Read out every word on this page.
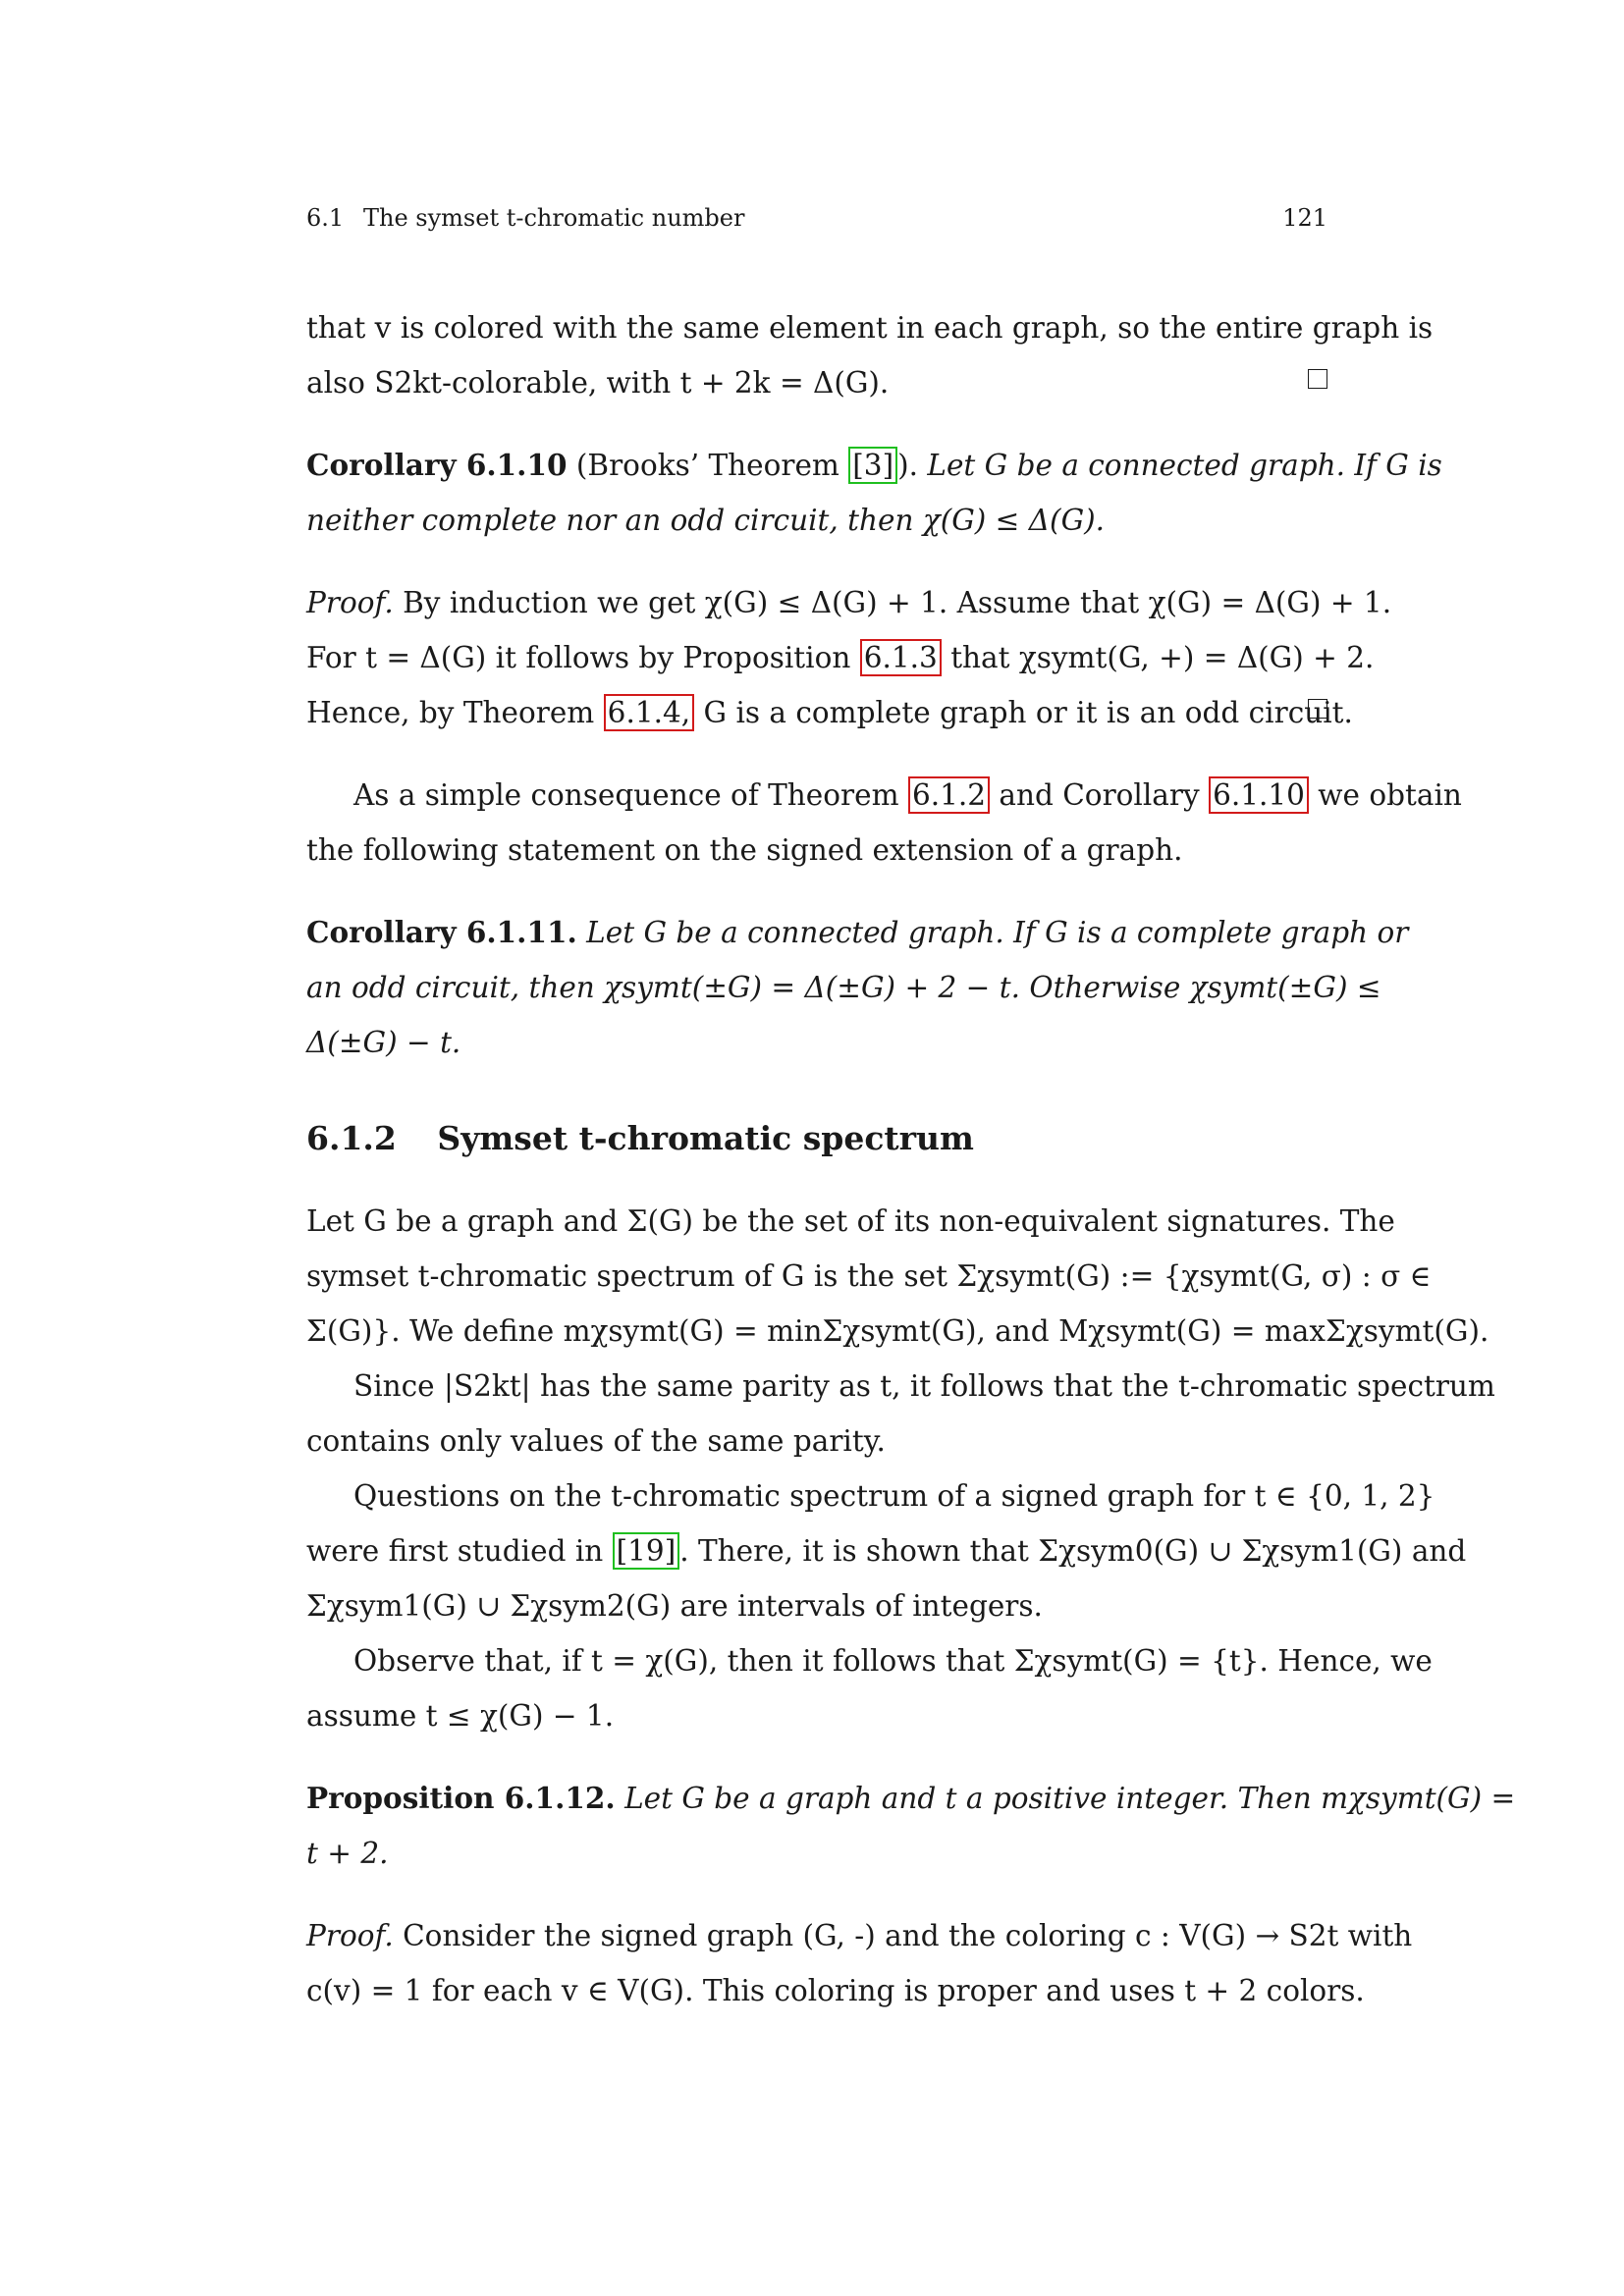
6.1 The symset t-chromatic number	121
that v is colored with the same element in each graph, so the entire graph is
also S2kt-colorable, with t + 2k = Δ(G).
Corollary 6.1.10 (Brooks’ Theorem [3] ). Let G be a connected graph. If G is
neither complete nor an odd circuit, then χ(G) ≤ Δ(G).
Proof. By induction we get χ(G) ≤ Δ(G) + 1. Assume that χ(G) = Δ(G) + 1.
For t = Δ(G) it follows by Proposition 6.1.3 that χsymt(G, +) = Δ(G) + 2.
Hence, by Theorem 6.1.4, G is a complete graph or it is an odd circuit.
As a simple consequence of Theorem 6.1.2 and Corollary 6.1.10 we obtain
the following statement on the signed extension of a graph.
Corollary 6.1.11. Let G be a connected graph. If G is a complete graph or
an odd circuit, then χsymt(±G) = Δ(±G) + 2 − t. Otherwise χsymt(±G) ≤
Δ(±G) − t.
6.1.2 Symset t-chromatic spectrum
Let G be a graph and Σ(G) be the set of its non-equivalent signatures. The
symset t-chromatic spectrum of G is the set Σχsymt(G) := {χsymt(G, σ) : σ ∈
Σ(G)}. We define mχsymt(G) = minΣχsymt(G), and Mχsymt(G) = maxΣχsymt(G).
Since |S2kt| has the same parity as t, it follows that the t-chromatic spectrum
contains only values of the same parity.
Questions on the t-chromatic spectrum of a signed graph for t ∈ {0, 1, 2}
were first studied in [19] . There, it is shown that Σχsym0(G) ∪ Σχsym1(G) and
Σχsym1(G) ∪ Σχsym2(G) are intervals of integers.
Observe that, if t = χ(G), then it follows that Σχsymt(G) = {t}. Hence, we
assume t ≤ χ(G) − 1.
Proposition 6.1.12. Let G be a graph and t a positive integer. Then mχsymt(G) =
t + 2.
Proof. Consider the signed graph (G, -) and the coloring c : V(G) → S2t with
c(v) = 1 for each v ∈ V(G). This coloring is proper and uses t + 2 colors.
